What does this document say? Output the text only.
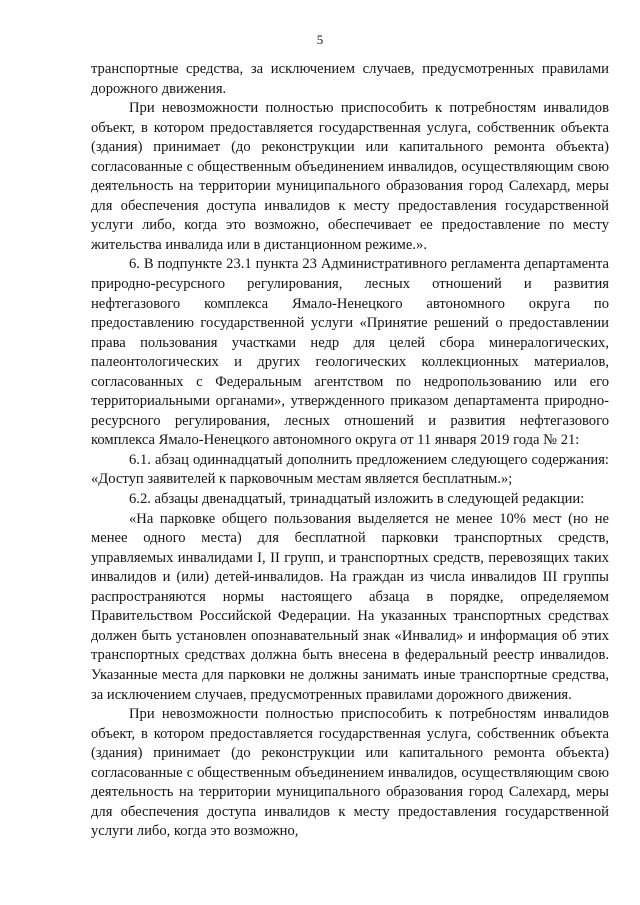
5

транспортные средства, за исключением случаев, предусмотренных правилами дорожного движения.

При невозможности полностью приспособить к потребностям инвалидов объект, в котором предоставляется государственная услуга, собственник объекта (здания) принимает (до реконструкции или капитального ремонта объекта) согласованные с общественным объединением инвалидов, осуществляющим свою деятельность на территории муниципального образования город Салехард, меры для обеспечения доступа инвалидов к месту предоставления государственной услуги либо, когда это возможно, обеспечивает ее предоставление по месту жительства инвалида или в дистанционном режиме.».

6. В подпункте 23.1 пункта 23 Административного регламента департамента природно-ресурсного регулирования, лесных отношений и развития нефтегазового комплекса Ямало-Ненецкого автономного округа по предоставлению государственной услуги «Принятие решений о предоставлении права пользования участками недр для целей сбора минералогических, палеонтологических и других геологических коллекционных материалов, согласованных с Федеральным агентством по недропользованию или его территориальными органами», утвержденного приказом департамента природно-ресурсного регулирования, лесных отношений и развития нефтегазового комплекса Ямало-Ненецкого автономного округа от 11 января 2019 года № 21:

6.1. абзац одиннадцатый дополнить предложением следующего содержания: «Доступ заявителей к парковочным местам является бесплатным.»;

6.2. абзацы двенадцатый, тринадцатый изложить в следующей редакции:

«На парковке общего пользования выделяется не менее 10% мест (но не менее одного места) для бесплатной парковки транспортных средств, управляемых инвалидами I, II групп, и транспортных средств, перевозящих таких инвалидов и (или) детей-инвалидов. На граждан из числа инвалидов III группы распространяются нормы настоящего абзаца в порядке, определяемом Правительством Российской Федерации. На указанных транспортных средствах должен быть установлен опознавательный знак «Инвалид» и информация об этих транспортных средствах должна быть внесена в федеральный реестр инвалидов. Указанные места для парковки не должны занимать иные транспортные средства, за исключением случаев, предусмотренных правилами дорожного движения.

При невозможности полностью приспособить к потребностям инвалидов объект, в котором предоставляется государственная услуга, собственник объекта (здания) принимает (до реконструкции или капитального ремонта объекта) согласованные с общественным объединением инвалидов, осуществляющим свою деятельность на территории муниципального образования город Салехард, меры для обеспечения доступа инвалидов к месту предоставления государственной услуги либо, когда это возможно,
